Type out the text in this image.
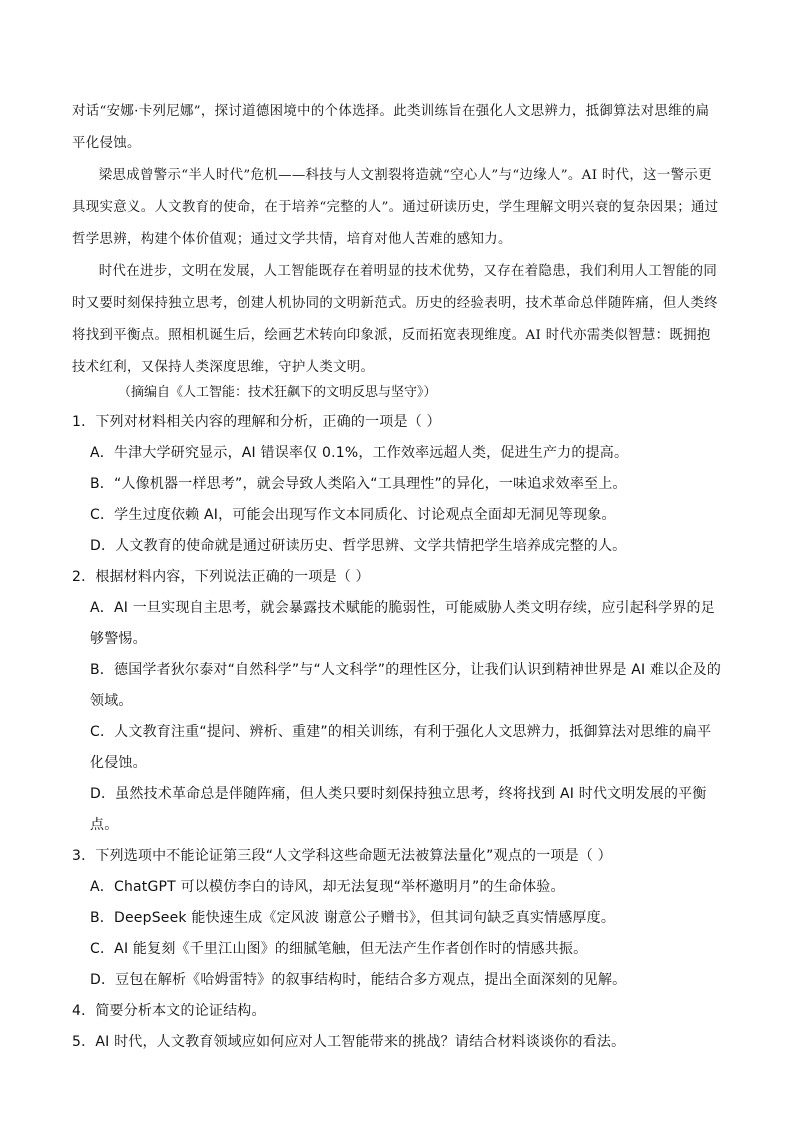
对话“安娜·卡列尼娜”，探讨道德困境中的个体选择。此类训练旨在强化人文思辨力，抵御算法对思维的扁平化侵蚀。

梁思成曾警示“半人时代”危机——科技与人文割裂将造就“空心人”与“边缘人”。AI 时代，这一警示更具现实意义。人文教育的使命，在于培养“完整的人”。通过研读历史，学生理解文明兴衰的复杂因果；通过哲学思辨，构建个体价值观；通过文学共情，培育对他人苦难的感知力。

时代在进步，文明在发展，人工智能既存在着明显的技术优势，又存在着隐患，我们利用人工智能的同时又要时刻保持独立思考，创建人机协同的文明新范式。历史的经验表明，技术革命总伴随阵痛，但人类终将找到平衡点。照相机诞生后，绘画艺术转向印象派，反而拓宽表现维度。AI 时代亦需类似智慧：既拥抱技术红利，又保持人类深度思维，守护人类文明。

（摘编自《人工智能：技术狂飙下的文明反思与坚守》）
1． 下列对材料相关内容的理解和分析，正确的一项是（ ）

A．牛津大学研究显示，AI 错误率仅 0.1%，工作效率远超人类，促进生产力的提高。

B．“人像机器一样思考”，就会导致人类陷入“工具理性”的异化，一味追求效率至上。

C．学生过度依赖 AI，可能会出现写作文本同质化、讨论观点全面却无洞见等现象。

D．人文教育的使命就是通过研读历史、哲学思辨、文学共情把学生培养成完整的人。

2． 根据材料内容，下列说法正确的一项是（ ）

A．AI 一旦实现自主思考，就会暴露技术赋能的脆弱性，可能威胁人类文明存续，应引起科学界的足够警惕。

B．德国学者狄尔泰对“自然科学”与“人文科学”的理性区分，让我们认识到精神世界是 AI 难以企及的领域。

C．人文教育注重“提问、辨析、重建”的相关训练，有利于强化人文思辨力，抵御算法对思维的扁平化侵蚀。

D．虽然技术革命总是伴随阵痛，但人类只要时刻保持独立思考，终将找到 AI 时代文明发展的平衡点。

3． 下列选项中不能论证第三段“人文学科这些命题无法被算法量化”观点的一项是（ ）

A．ChatGPT 可以模仿李白的诗风，却无法复现“举杯邀明月”的生命体验。

B．DeepSeek 能快速生成《定风波 谢意公子赠书》，但其词句缺乏真实情感厚度。

C．AI 能复刻《千里江山图》的细腻笔触，但无法产生作者创作时的情感共振。

D．豆包在解析《哈姆雷特》的叙事结构时，能结合多方观点，提出全面深刻的见解。

4． 简要分析本文的论证结构。
5． AI 时代，人文教育领域应如何应对人工智能带来的挑战？请结合材料谈谈你的看法。
